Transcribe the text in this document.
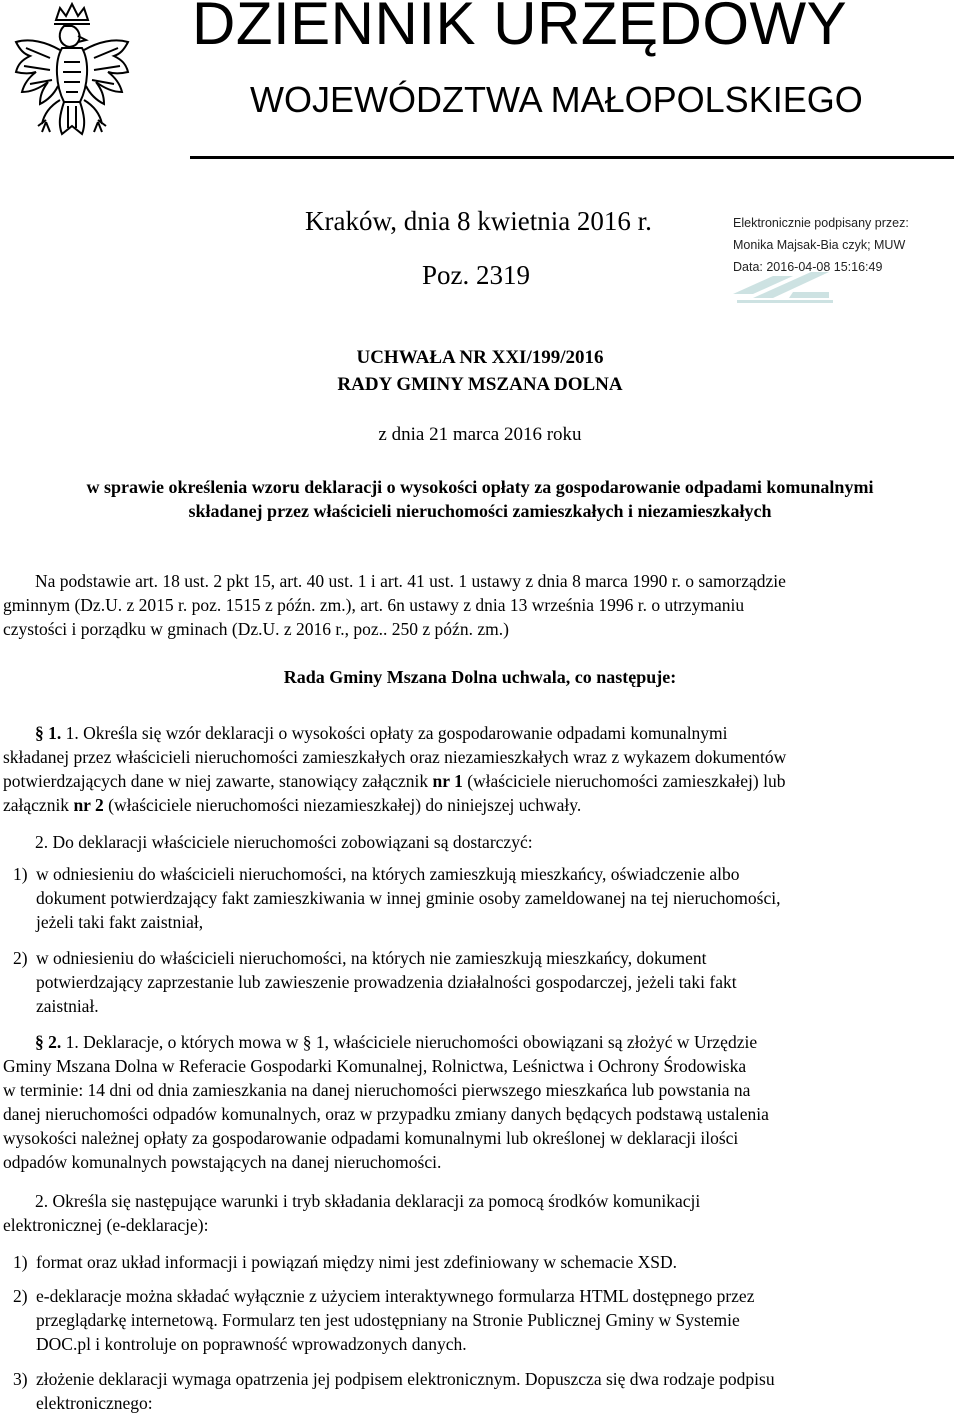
DZIENNIK URZĘDOWY
WOJEWÓDZTWA MAŁOPOLSKIEGO
Kraków, dnia 8 kwietnia 2016 r.
Poz. 2319
Elektronicznie podpisany przez:
Monika Majsak-Bia czyk; MUW
Data: 2016-04-08 15:16:49
UCHWAŁA NR XXI/199/2016
RADY GMINY MSZANA DOLNA
z dnia 21 marca 2016 roku
w sprawie określenia wzoru deklaracji o wysokości opłaty za gospodarowanie odpadami komunalnymi
składanej przez właścicieli nieruchomości zamieszkałych i niezamieszkałych
Na podstawie art. 18 ust. 2 pkt 15, art. 40 ust. 1 i art. 41 ust. 1 ustawy z dnia 8 marca 1990 r. o samorządzie
gminnym (Dz.U. z 2015 r. poz. 1515 z późn. zm.), art. 6n ustawy z dnia 13 września 1996 r. o utrzymaniu
czystości i porządku w gminach (Dz.U. z 2016 r., poz.. 250 z późn. zm.)
Rada Gminy Mszana Dolna uchwala, co następuje:
§ 1. 1. Określa się wzór deklaracji o wysokości opłaty za gospodarowanie odpadami komunalnymi
składanej przez właścicieli nieruchomości zamieszkałych oraz niezamieszkałych wraz z wykazem dokumentów
potwierdzających dane w niej zawarte, stanowiący załącznik nr 1 (właściciele nieruchomości zamieszkałej) lub
załącznik nr 2 (właściciele nieruchomości niezamieszkałej) do niniejszej uchwały.
2. Do deklaracji właściciele nieruchomości zobowiązani są dostarczyć:
1) w odniesieniu do właścicieli nieruchomości, na których zamieszkują mieszkańcy, oświadczenie albo
dokument potwierdzający fakt zamieszkiwania w innej gminie osoby zameldowanej na tej nieruchomości,
jeżeli taki fakt zaistniał,
2) w odniesieniu do właścicieli nieruchomości, na których nie zamieszkują mieszkańcy, dokument
potwierdzający zaprzestanie lub zawieszenie prowadzenia działalności gospodarczej, jeżeli taki fakt
zaistniał.
§ 2. 1. Deklaracje, o których mowa w § 1, właściciele nieruchomości obowiązani są złożyć w Urzędzie
Gminy Mszana Dolna w Referacie Gospodarki Komunalnej, Rolnictwa, Leśnictwa i Ochrony Środowiska
w terminie: 14 dni od dnia zamieszkania na danej nieruchomości pierwszego mieszkańca lub powstania na
danej nieruchomości odpadów komunalnych, oraz w przypadku zmiany danych będących podstawą ustalenia
wysokości należnej opłaty za gospodarowanie odpadami komunalnymi lub określonej w deklaracji ilości
odpadów komunalnych powstających na danej nieruchomości.
2. Określa się następujące warunki i tryb składania deklaracji za pomocą środków komunikacji
elektronicznej (e-deklaracje):
1) format oraz układ informacji i powiązań między nimi jest zdefiniowany w schemacie XSD.
2) e-deklaracje można składać wyłącznie z użyciem interaktywnego formularza HTML dostępnego przez
przeglądarkę internetową. Formularz ten jest udostępniany na Stronie Publicznej Gminy w Systemie
DOC.pl i kontroluje on poprawność wprowadzonych danych.
3) złożenie deklaracji wymaga opatrzenia jej podpisem elektronicznym. Dopuszcza się dwa rodzaje podpisu
elektronicznego:
